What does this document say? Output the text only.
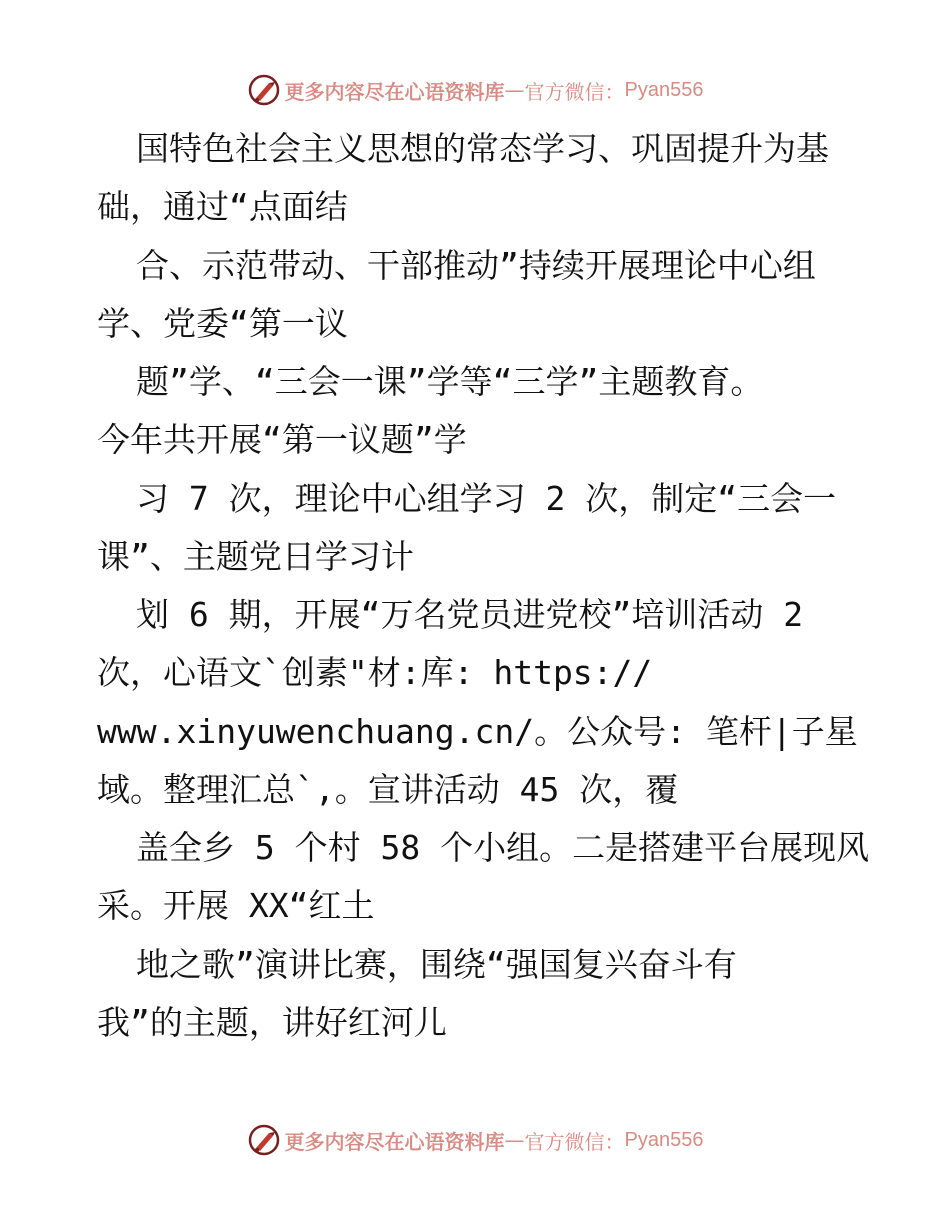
更多内容尽在心语资料库 — 官方微信： Pyan556
国特色社会主义思想的常态学习、巩固提升为基
础，通过“点面结
合、示范带动、干部推动”持续开展理论中心组
学、党委“第一议
题”学、“三会一课”学等“三学”主题教育。
今年共开展“第一议题”学
习 7 次，理论中心组学习 2 次，制定“三会一
课”、主题党日学习计
划 6 期，开展“万名党员进党校”培训活动 2
次，心语文`创素"材:库: https://
www.xinyuwenchuang.cn/。公众号: 笔杆|子星
域。整理汇总`,。宣讲活动 45 次，覆
盖全乡 5 个村 58 个小组。二是搭建平台展现风
采。开展 XX“红土
地之歌”演讲比赛，围绕“强国复兴奋斗有
我”的主题，讲好红河儿
更多内容尽在心语资料库 — 官方微信： Pyan556
